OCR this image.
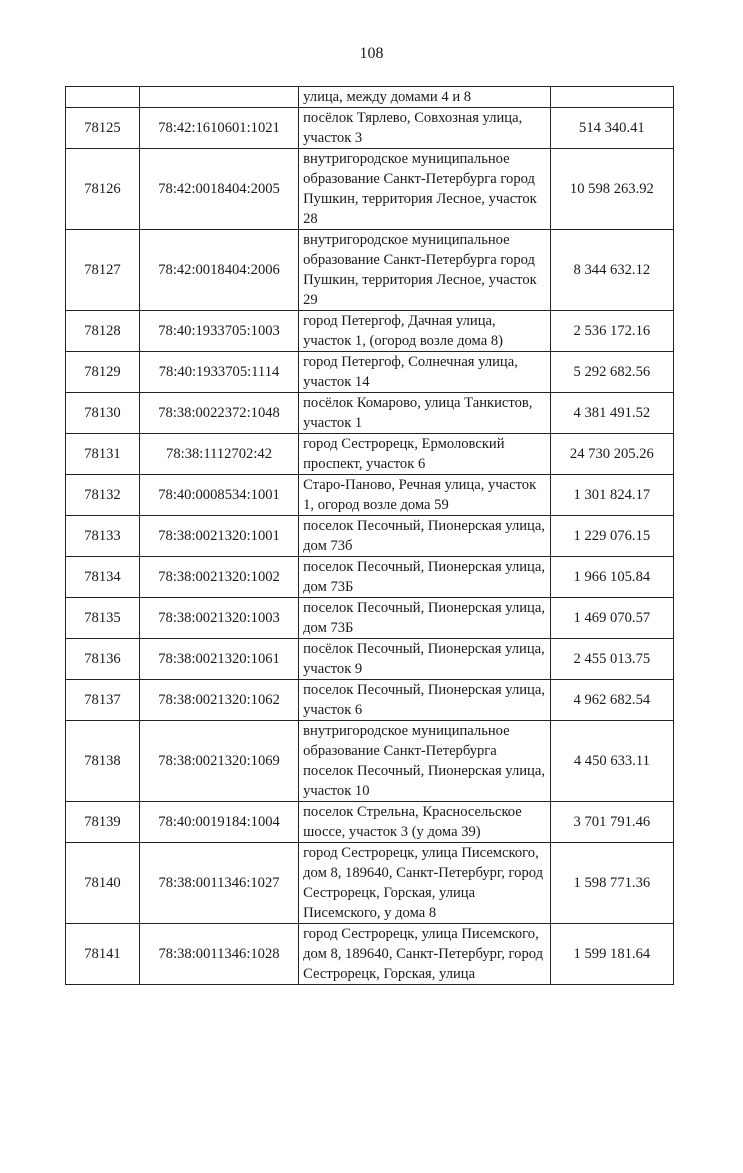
108
		улица, между домами 4 и 8	
78125	78:42:1610601:1021	посёлок Тярлево, Совхозная улица, участок 3	514 340.41
78126	78:42:0018404:2005	внутригородское муниципальное образование Санкт-Петербурга город Пушкин, территория Лесное, участок 28	10 598 263.92
78127	78:42:0018404:2006	внутригородское муниципальное образование Санкт-Петербурга город Пушкин, территория Лесное, участок 29	8 344 632.12
78128	78:40:1933705:1003	город Петергоф, Дачная улица, участок 1, (огород возле дома 8)	2 536 172.16
78129	78:40:1933705:1114	город Петергоф, Солнечная улица, участок 14	5 292 682.56
78130	78:38:0022372:1048	посёлок Комарово, улица Танкистов, участок 1	4 381 491.52
78131	78:38:1112702:42	город Сестрорецк, Ермоловский проспект, участок 6	24 730 205.26
78132	78:40:0008534:1001	Старо-Паново, Речная улица, участок 1, огород возле дома 59	1 301 824.17
78133	78:38:0021320:1001	поселок Песочный, Пионерская улица, дом 73б	1 229 076.15
78134	78:38:0021320:1002	поселок Песочный, Пионерская улица, дом 73Б	1 966 105.84
78135	78:38:0021320:1003	поселок Песочный, Пионерская улица, дом 73Б	1 469 070.57
78136	78:38:0021320:1061	посёлок Песочный, Пионерская улица, участок 9	2 455 013.75
78137	78:38:0021320:1062	поселок Песочный, Пионерская улица, участок 6	4 962 682.54
78138	78:38:0021320:1069	внутригородское муниципальное образование Санкт-Петербурга поселок Песочный, Пионерская улица, участок 10	4 450 633.11
78139	78:40:0019184:1004	поселок Стрельна, Красносельское шоссе, участок 3 (у дома 39)	3 701 791.46
78140	78:38:0011346:1027	город Сестрорецк, улица Писемского, дом 8, 189640, Санкт-Петербург, город Сестрорецк, Горская, улица Писемского, у дома 8	1 598 771.36
78141	78:38:0011346:1028	город Сестрорецк, улица Писемского, дом 8, 189640, Санкт-Петербург, город Сестрорецк, Горская, улица	1 599 181.64
